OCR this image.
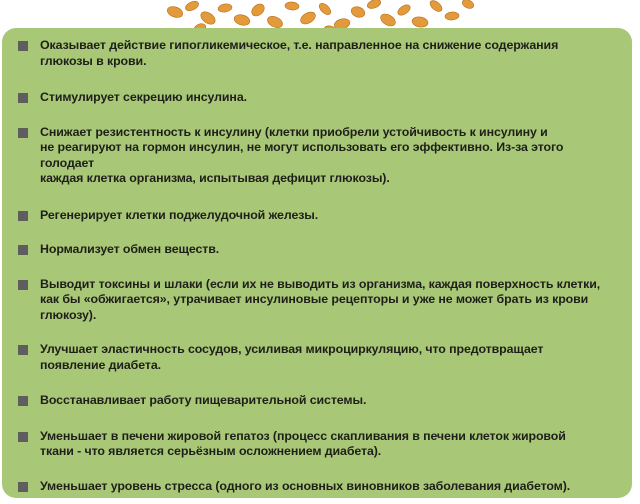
Оказывает действие гипогликемическое, т.е. направленное на снижение содержания
глюкозы в крови.
Стимулирует секрецию инсулина.
Снижает резистентность к инсулину (клетки приобрели устойчивость к инсулину и
не реагируют на гормон инсулин, не могут использовать его эффективно. Из-за этого голодает
каждая клетка организма, испытывая дефицит глюкозы).
Регенерирует клетки поджелудочной железы.
Нормализует обмен веществ.
Выводит токсины и шлаки (если их не выводить из организма, каждая поверхность клетки,
как бы «обжигается», утрачивает инсулиновые рецепторы и уже не может брать из крови
глюкозу).
Улучшает эластичность сосудов, усиливая микроциркуляцию, что предотвращает
появление диабета.
Восстанавливает работу пищеварительной системы.
Уменьшает в печени жировой гепатоз (процесс скапливания в печени клеток жировой
ткани - что является серьёзным осложнением диабета).
Уменьшает уровень стресса (одного из основных виновников заболевания диабетом).
